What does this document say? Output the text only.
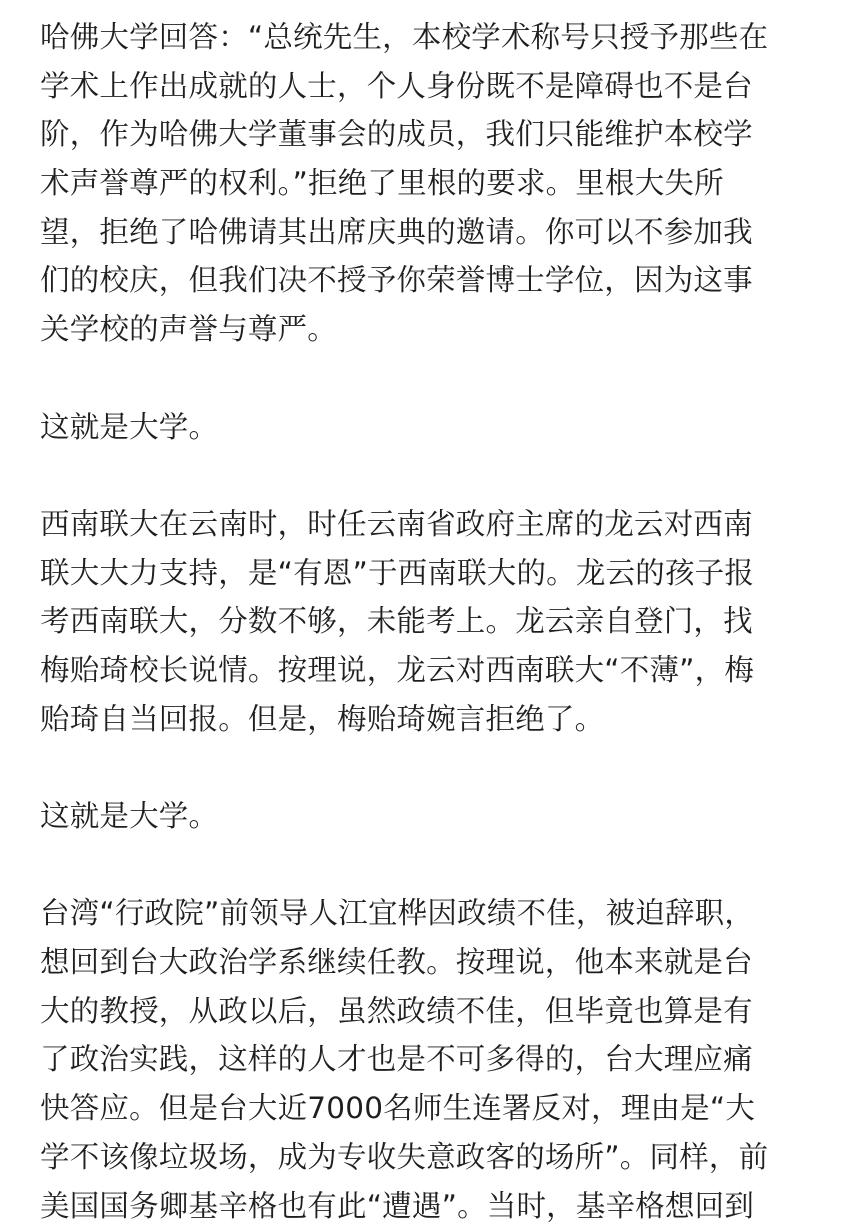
哈佛大学回答：“总统先生，本校学术称号只授予那些在
学术上作出成就的人士，个人身份既不是障碍也不是台
阶，作为哈佛大学董事会的成员，我们只能维护本校学
术声誉尊严的权利。”拒绝了里根的要求。里根大失所
望，拒绝了哈佛请其出席庆典的邀请。你可以不参加我
们的校庆，但我们决不授予你荣誉博士学位，因为这事
关学校的声誉与尊严。
这就是大学。
西南联大在云南时，时任云南省政府主席的龙云对西南
联大大力支持，是“有恩”于西南联大的。龙云的孩子报
考西南联大，分数不够，未能考上。龙云亲自登门，找
梅贻琦校长说情。按理说，龙云对西南联大“不薄”，梅
贻琦自当回报。但是，梅贻琦婉言拒绝了。
这就是大学。
台湾“行政院”前领导人江宜桦因政绩不佳，被迫辞职，
想回到台大政治学系继续任教。按理说，他本来就是台
大的教授，从政以后，虽然政绩不佳，但毕竟也算是有
了政治实践，这样的人才也是不可多得的，台大理应痛
快答应。但是台大近7000名师生连署反对，理由是“大
学不该像垃圾场，成为专收失意政客的场所”。同样，前
美国国务卿基辛格也有此“遭遇”。当时，基辛格想回到
